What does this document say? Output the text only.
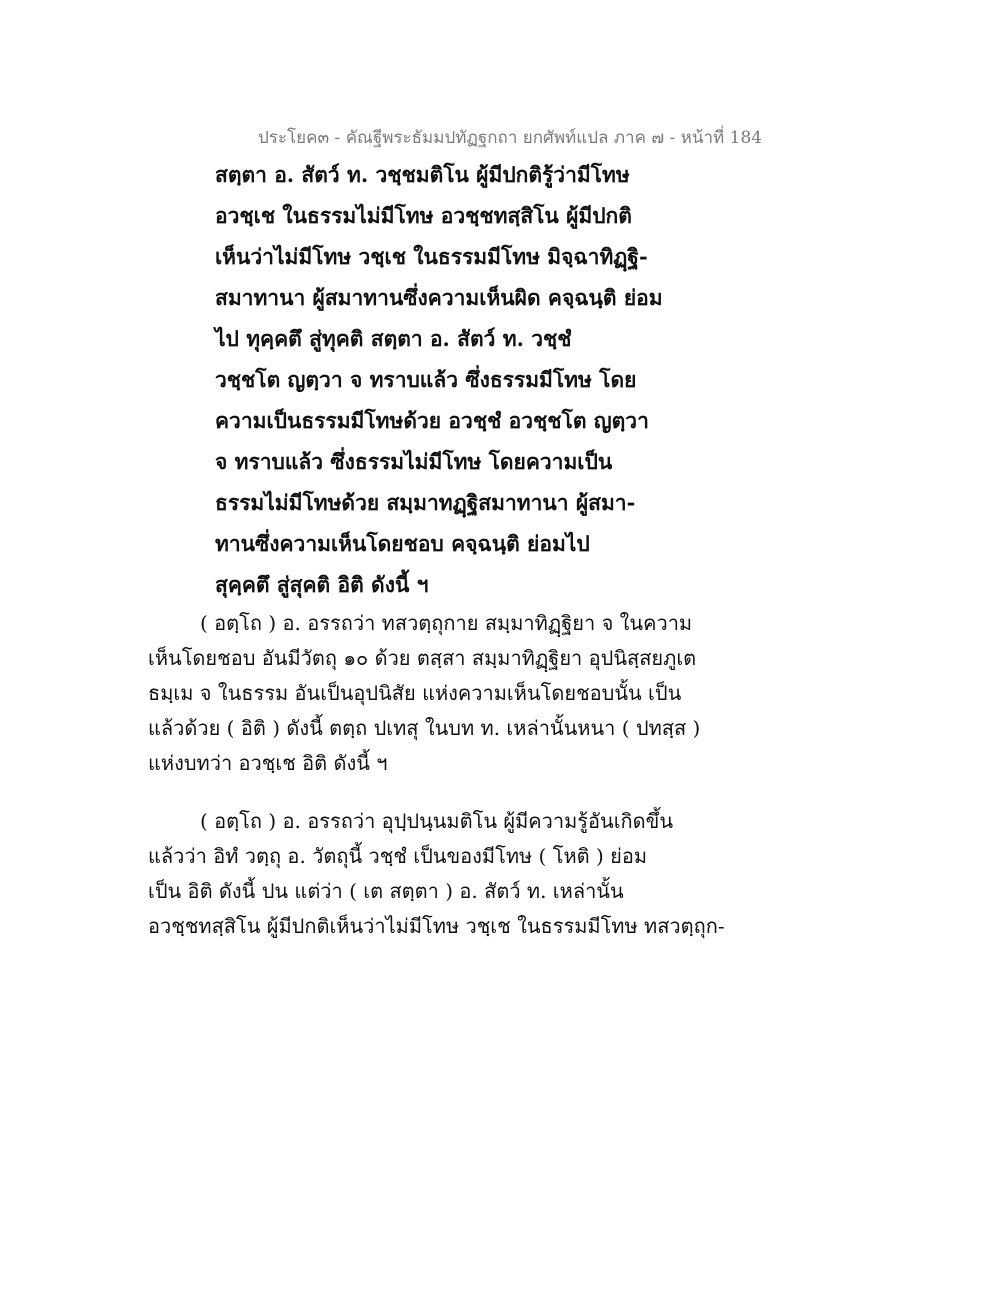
ประโยค๓ - คัณฐีพระธัมมปทัฏฐกถา ยกศัพท์แปล ภาค ๗ - หน้าที่ 184
สตฺตา อ. สัตว์ ท. วชฺชมติโน ผู้มีปกติรู้ว่ามีโทษ
อวชฺเช ในธรรมไม่มีโทษ อวชฺชทสฺสิโน ผู้มีปกติ
เห็นว่าไม่มีโทษ วชฺเช ในธรรมมีโทษ มิจฺฉาทิฏฺฐิ-
สมาทานา ผู้สมาทานซึ่งความเห็นผิด คจฺฉนฺติ ย่อม
ไป ทุคฺคตึ สู่ทุคติ สตฺตา อ. สัตว์ ท. วชฺชํ
วชฺชโต ญตฺวา จ ทราบแล้ว ซึ่งธรรมมีโทษ โดย
ความเป็นธรรมมีโทษด้วย อวชฺชํ อวชฺชโต ญตฺวา
จ ทราบแล้ว ซึ่งธรรมไม่มีโทษ โดยความเป็น
ธรรมไม่มีโทษด้วย สมฺมาทฏฺฐิสมาทานา ผู้สมา-
ทานซึ่งความเห็นโดยชอบ คจฺฉนฺติ ย่อมไป
สุคฺคตึ สู่สุคติ อิติ ดังนี้ ฯ
( อตฺโถ ) อ. อรรถว่า ทสวตฺถุกาย สมฺมาทิฏฺฐิยา จ ในความ
เห็นโดยชอบ อันมีวัตถุ ๑๐ ด้วย ตสฺสา สมฺมาทิฏฺฐิยา อุปนิสฺสยภูเต
ธมฺเม จ ในธรรม อันเป็นอุปนิสัย แห่งความเห็นโดยชอบนั้น เป็น
แล้วด้วย ( อิติ ) ดังนี้ ตตฺถ ปเทสุ ในบท ท. เหล่านั้นหนา ( ปทสฺส )
แห่งบทว่า อวชฺเช อิติ ดังนี้ ฯ
( อตฺโถ ) อ. อรรถว่า อุปฺปนฺนมติโน ผู้มีความรู้อันเกิดขึ้น
แล้วว่า อิทํ วตฺถุ อ. วัตถุนี้ วชฺชํ เป็นของมีโทษ ( โหติ ) ย่อม
เป็น อิติ ดังนี้ ปน แต่ว่า ( เต สตฺตา ) อ. สัตว์ ท. เหล่านั้น
อวชฺชทสฺสิโน ผู้มีปกติเห็นว่าไม่มีโทษ วชฺเช ในธรรมมีโทษ ทสวตฺถุก-
